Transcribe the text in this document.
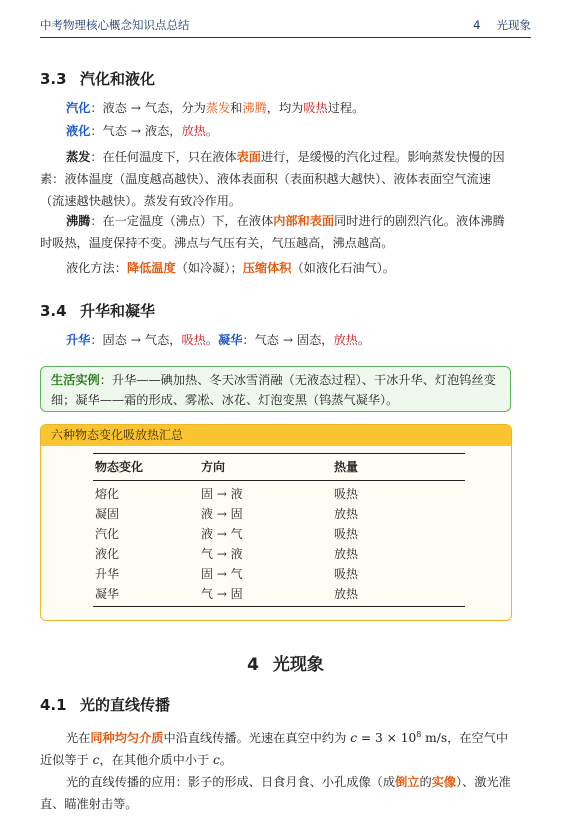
中考物理核心概念知识点总结	4 光现象
3.3 汽化和液化
汽化：液态 → 气态，分为蒸发和沸腾，均为吸热过程。
液化：气态 → 液态，放热。
蒸发：在任何温度下，只在液体表面进行，是缓慢的汽化过程。影响蒸发快慢的因素：液体温度（温度越高越快）、液体表面积（表面积越大越快）、液体表面空气流速（流速越快越快）。蒸发有致冷作用。
沸腾：在一定温度（沸点）下，在液体内部和表面同时进行的剧烈汽化。液体沸腾时吸热，温度保持不变。沸点与气压有关，气压越高，沸点越高。
液化方法：降低温度（如冷凝）；压缩体积（如液化石油气）。
3.4 升华和凝华
升华：固态 → 气态，吸热。凝华：气态 → 固态，放热。
生活实例：升华——碘加热、冬天冰雪消融（无液态过程）、干冰升华、灯泡钨丝变细；凝华——霜的形成、雾凇、冰花、灯泡变黑（钨蒸气凝华）。
六种物态变化吸放热汇总
物态变化	方向	热量
熔化	固 → 液	吸热
凝固	液 → 固	放热
汽化	液 → 气	吸热
液化	气 → 液	放热
升华	固 → 气	吸热
凝华	气 → 固	放热
4 光现象
4.1 光的直线传播
光在同种均匀介质中沿直线传播。光速在真空中约为 $c = 3 \times 10^8$ m/s，在空气中近似等于 c，在其他介质中小于 c。
光的直线传播的应用：影子的形成、日食月食、小孔成像（成倒立的实像）、激光准直、瞄准射击等。
